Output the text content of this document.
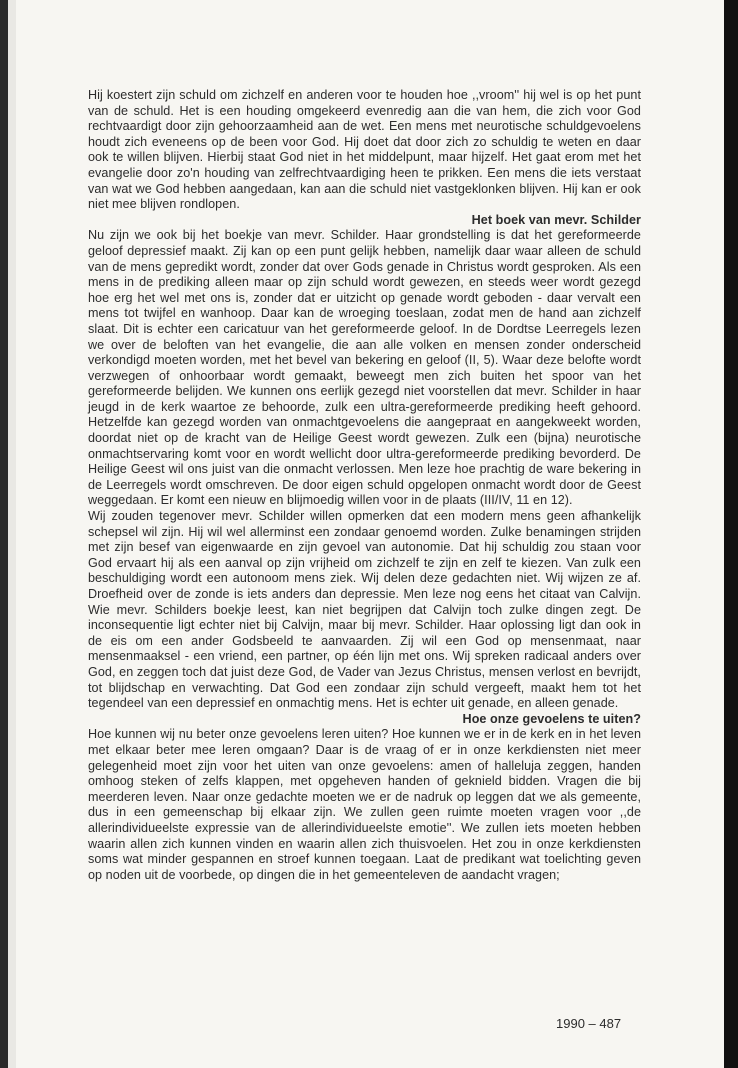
Hij koestert zijn schuld om zichzelf en anderen voor te houden hoe ,,vroom'' hij wel is op het punt van de schuld. Het is een houding omgekeerd evenredig aan die van hem, die zich voor God rechtvaardigt door zijn gehoorzaamheid aan de wet. Een mens met neurotische schuldgevoelens houdt zich eveneens op de been voor God. Hij doet dat door zich zo schuldig te weten en daar ook te willen blijven. Hierbij staat God niet in het middelpunt, maar hijzelf. Het gaat erom met het evangelie door zo'n houding van zelfrechtvaardiging heen te prikken. Een mens die iets verstaat van wat we God hebben aangedaan, kan aan die schuld niet vastgeklonken blijven. Hij kan er ook niet mee blijven rondlopen.

Het boek van mevr. Schilder

Nu zijn we ook bij het boekje van mevr. Schilder. Haar grondstelling is dat het gereformeerde geloof depressief maakt. Zij kan op een punt gelijk hebben, namelijk daar waar alleen de schuld van de mens gepredikt wordt, zonder dat over Gods genade in Christus wordt gesproken. Als een mens in de prediking alleen maar op zijn schuld wordt gewezen, en steeds weer wordt gezegd hoe erg het wel met ons is, zonder dat er uitzicht op genade wordt geboden - daar vervalt een mens tot twijfel en wanhoop. Daar kan de wroeging toeslaan, zodat men de hand aan zichzelf slaat. Dit is echter een caricatuur van het gereformeerde geloof. In de Dordtse Leerregels lezen we over de beloften van het evangelie, die aan alle volken en mensen zonder onderscheid verkondigd moeten worden, met het bevel van bekering en geloof (II, 5). Waar deze belofte wordt verzwegen of onhoorbaar wordt gemaakt, beweegt men zich buiten het spoor van het gereformeerde belijden. We kunnen ons eerlijk gezegd niet voorstellen dat mevr. Schilder in haar jeugd in de kerk waartoe ze behoorde, zulk een ultra-gereformeerde prediking heeft gehoord. Hetzelfde kan gezegd worden van onmachtgevoelens die aangepraat en aangekweekt worden, doordat niet op de kracht van de Heilige Geest wordt gewezen. Zulk een (bijna) neurotische onmachtservaring komt voor en wordt wellicht door ultra-gereformeerde prediking bevorderd. De Heilige Geest wil ons juist van die onmacht verlossen. Men leze hoe prachtig de ware bekering in de Leerregels wordt omschreven. De door eigen schuld opgelopen onmacht wordt door de Geest weggedaan. Er komt een nieuw en blijmoedig willen voor in de plaats (III/IV, 11 en 12).

Wij zouden tegenover mevr. Schilder willen opmerken dat een modern mens geen afhankelijk schepsel wil zijn. Hij wil wel allerminst een zondaar genoemd worden. Zulke benamingen strijden met zijn besef van eigenwaarde en zijn gevoel van autonomie. Dat hij schuldig zou staan voor God ervaart hij als een aanval op zijn vrijheid om zichzelf te zijn en zelf te kiezen. Van zulk een beschuldiging wordt een autonoom mens ziek. Wij delen deze gedachten niet. Wij wijzen ze af. Droefheid over de zonde is iets anders dan depressie. Men leze nog eens het citaat van Calvijn. Wie mevr. Schilders boekje leest, kan niet begrijpen dat Calvijn toch zulke dingen zegt. De inconsequentie ligt echter niet bij Calvijn, maar bij mevr. Schilder. Haar oplossing ligt dan ook in de eis om een ander Godsbeeld te aanvaarden. Zij wil een God op mensenmaat, naar mensenmaaksel - een vriend, een partner, op één lijn met ons. Wij spreken radicaal anders over God, en zeggen toch dat juist deze God, de Vader van Jezus Christus, mensen verlost en bevrijdt, tot blijdschap en verwachting. Dat God een zondaar zijn schuld vergeeft, maakt hem tot het tegendeel van een depressief en onmachtig mens. Het is echter uit genade, en alleen genade.

Hoe onze gevoelens te uiten?

Hoe kunnen wij nu beter onze gevoelens leren uiten? Hoe kunnen we er in de kerk en in het leven met elkaar beter mee leren omgaan? Daar is de vraag of er in onze kerkdiensten niet meer gelegenheid moet zijn voor het uiten van onze gevoelens: amen of halleluja zeggen, handen omhoog steken of zelfs klappen, met opgeheven handen of geknield bidden. Vragen die bij meerderen leven. Naar onze gedachte moeten we er de nadruk op leggen dat we als gemeente, dus in een gemeenschap bij elkaar zijn. We zullen geen ruimte moeten vragen voor ,,de allerindividueelste expressie van de allerindividueelste emotie''. We zullen iets moeten hebben waarin allen zich kunnen vinden en waarin allen zich thuisvoelen. Het zou in onze kerkdiensten soms wat minder gespannen en stroef kunnen toegaan. Laat de predikant wat toelichting geven op noden uit de voorbede, op dingen die in het gemeenteleven de aandacht vragen;

1990 – 487
